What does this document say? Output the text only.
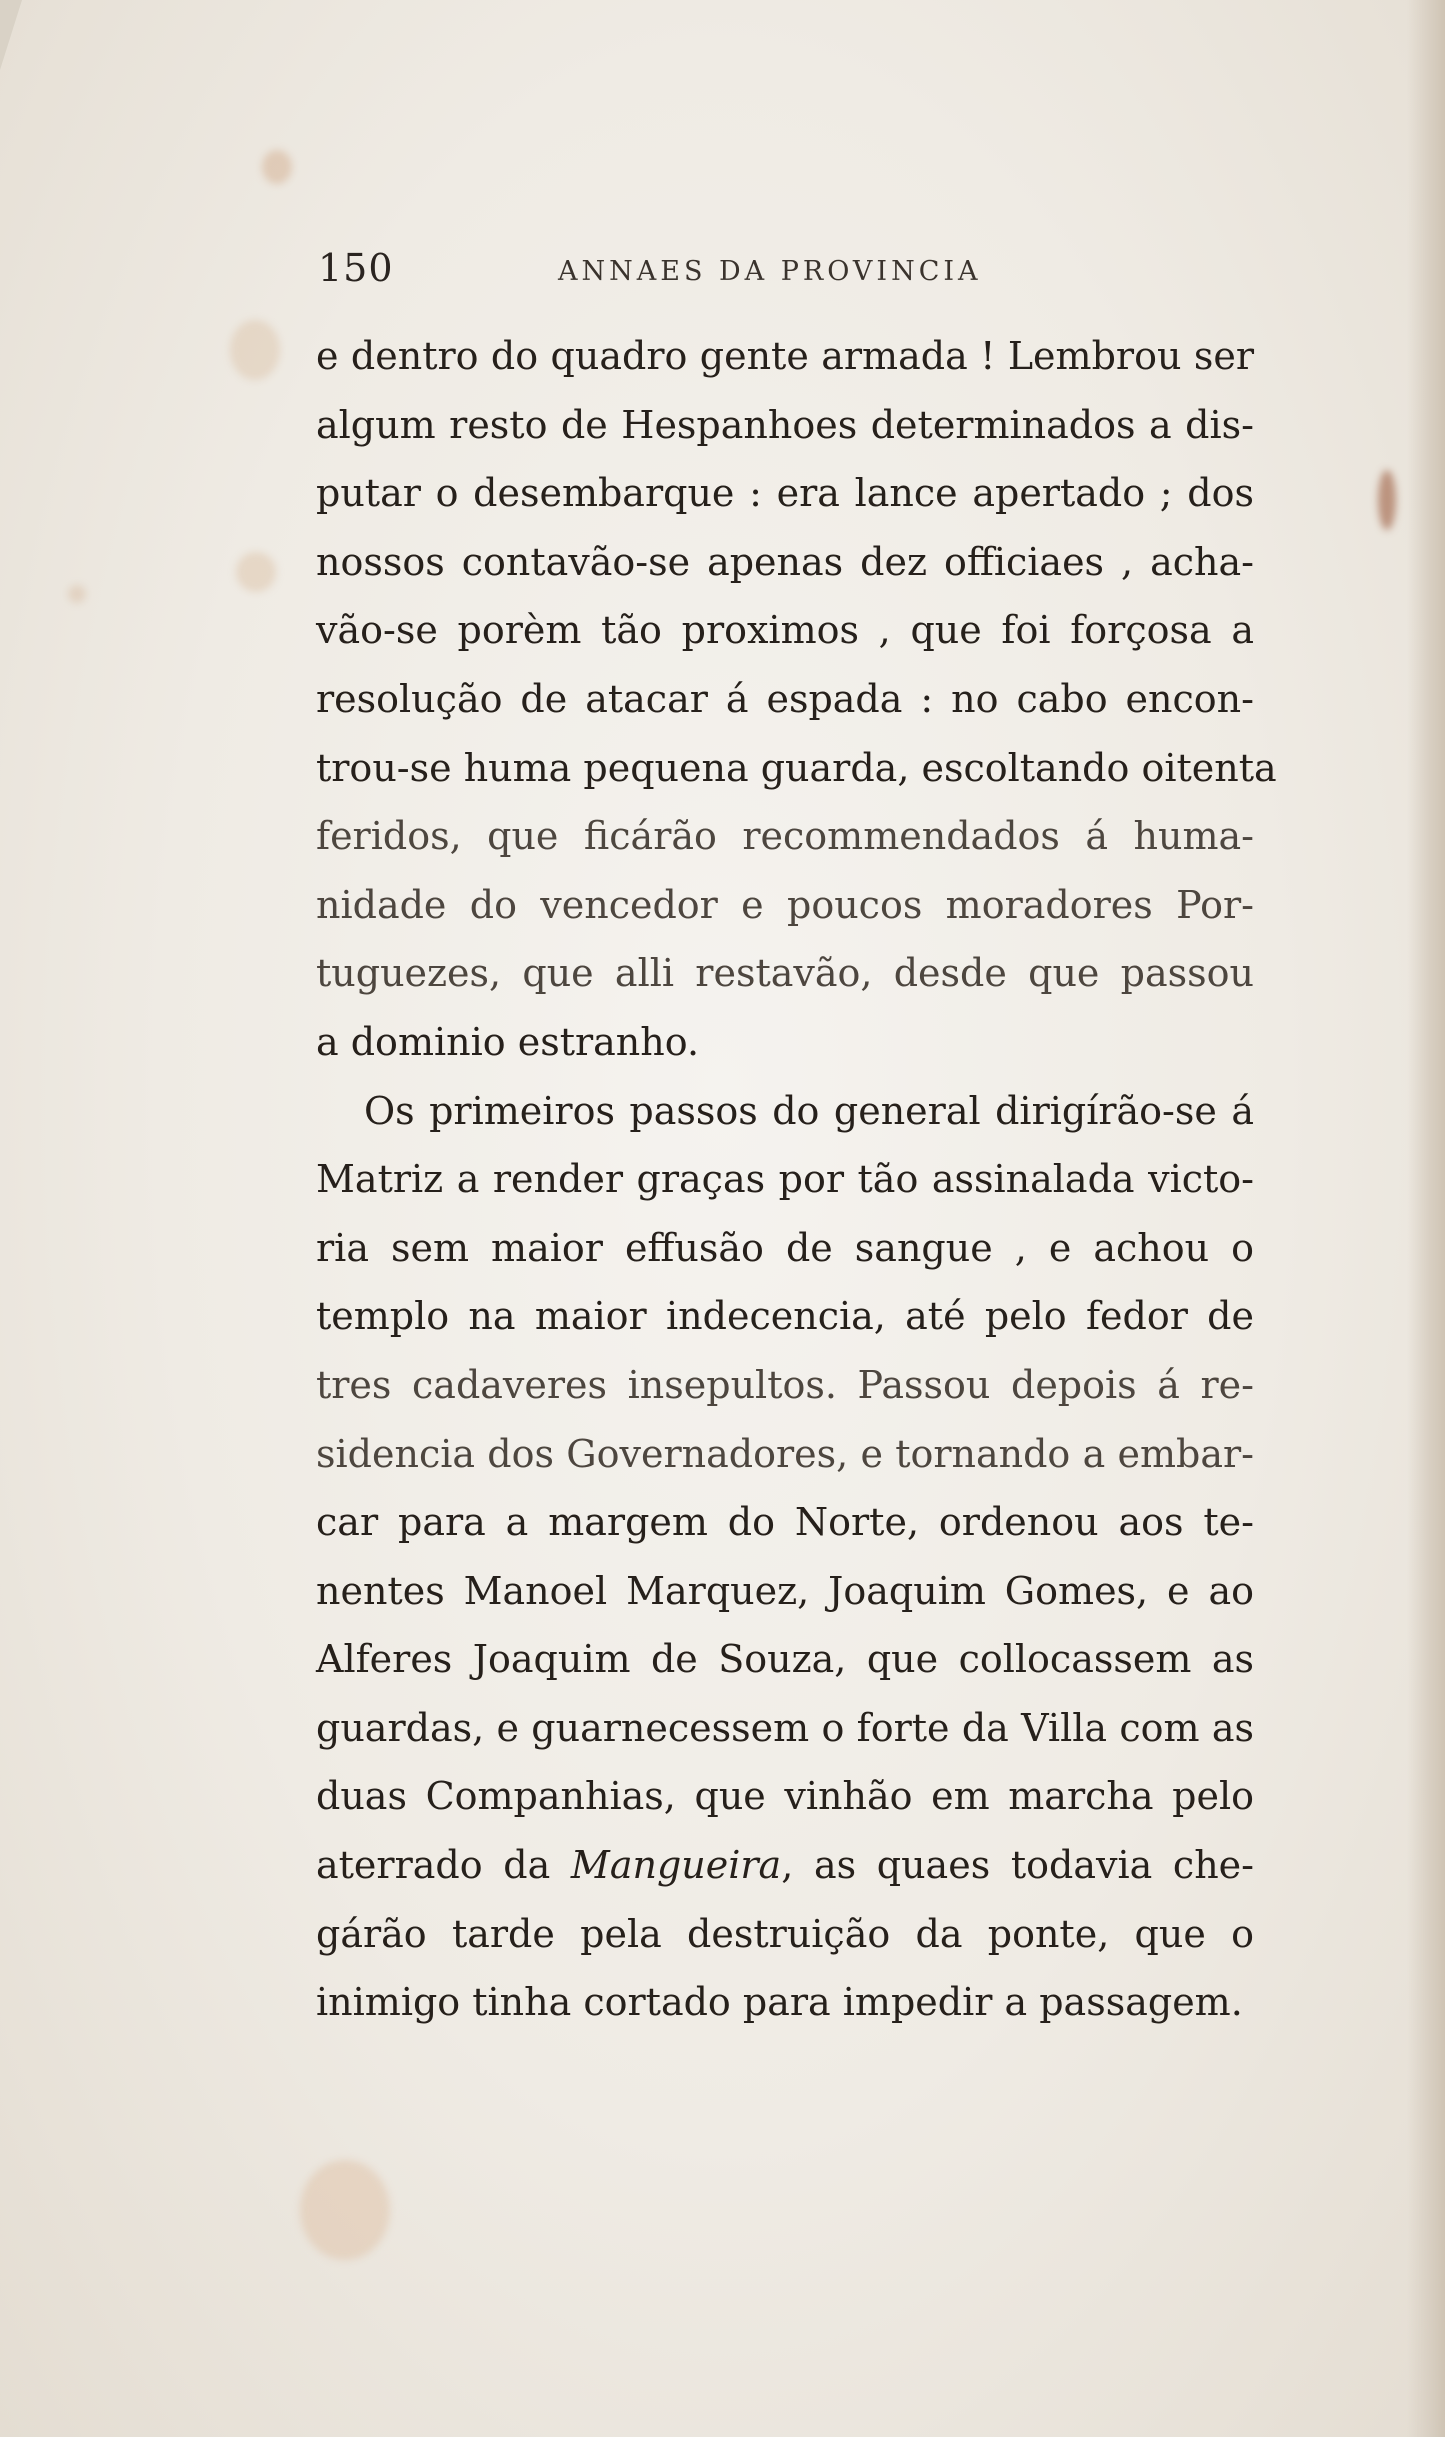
150	ANNAES DA PROVINCIA
e dentro do quadro gente armada ! Lembrou ser
algum resto de Hespanhoes determinados a dis-
putar o desembarque : era lance apertado ; dos
nossos contavão-se apenas dez officiaes , acha-
vão-se porèm tão proximos , que foi forçosa a
resolução de atacar á espada : no cabo encon-
trou-se huma pequena guarda, escoltando oitenta
feridos, que ficárão recommendados á huma-
nidade do vencedor e poucos moradores Por-
tuguezes, que alli restavão, desde que passou
a dominio estranho.
Os primeiros passos do general dirigírão-se á
Matriz a render graças por tão assinalada victo-
ria sem maior effusão de sangue , e achou o
templo na maior indecencia, até pelo fedor de
tres cadaveres insepultos. Passou depois á re-
sidencia dos Governadores, e tornando a embar-
car para a margem do Norte, ordenou aos te-
nentes Manoel Marquez, Joaquim Gomes, e ao
Alferes Joaquim de Souza, que collocassem as
guardas, e guarnecessem o forte da Villa com as
duas Companhias, que vinhão em marcha pelo
aterrado da Mangueira, as quaes todavia che-
gárão tarde pela destruição da ponte, que o
inimigo tinha cortado para impedir a passagem.
